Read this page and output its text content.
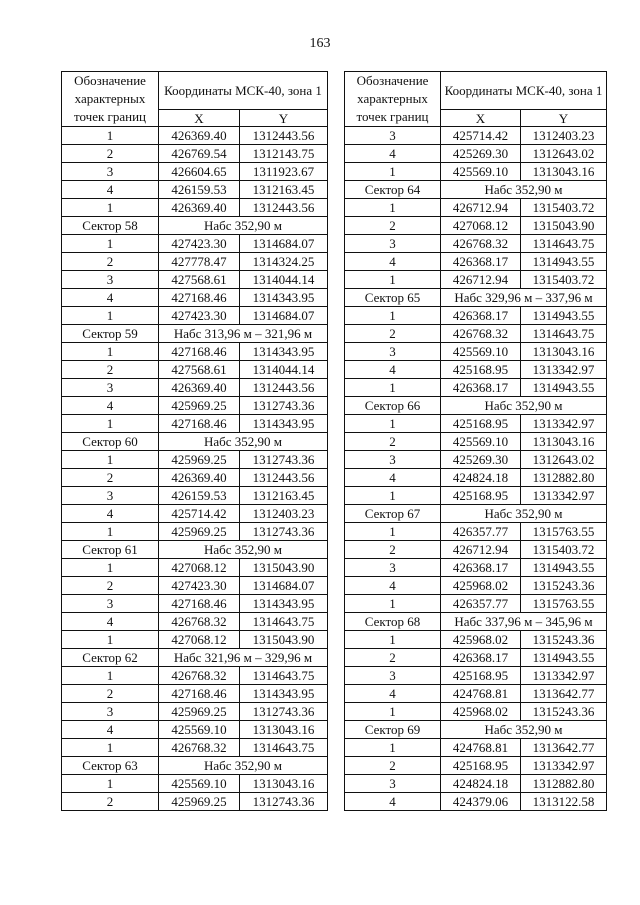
163
Обозначение характерных точек границ	Координаты МСК-40, зона 1	
	X	Y
1	426369.40	1312443.56
2	426769.54	1312143.75
3	426604.65	1311923.67
4	426159.53	1312163.45
1	426369.40	1312443.56
Сектор 58	Набс 352,90 м	
1	427423.30	1314684.07
2	427778.47	1314324.25
3	427568.61	1314044.14
4	427168.46	1314343.95
1	427423.30	1314684.07
Сектор 59	Набс 313,96 м – 321,96 м	
1	427168.46	1314343.95
2	427568.61	1314044.14
3	426369.40	1312443.56
4	425969.25	1312743.36
1	427168.46	1314343.95
Сектор 60	Набс 352,90 м	
1	425969.25	1312743.36
2	426369.40	1312443.56
3	426159.53	1312163.45
4	425714.42	1312403.23
1	425969.25	1312743.36
Сектор 61	Набс 352,90 м	
1	427068.12	1315043.90
2	427423.30	1314684.07
3	427168.46	1314343.95
4	426768.32	1314643.75
1	427068.12	1315043.90
Сектор 62	Набс 321,96 м – 329,96 м	
1	426768.32	1314643.75
2	427168.46	1314343.95
3	425969.25	1312743.36
4	425569.10	1313043.16
1	426768.32	1314643.75
Сектор 63	Набс 352,90 м	
1	425569.10	1313043.16
2	425969.25	1312743.36
Обозначение характерных точек границ	Координаты МСК-40, зона 1	
	X	Y
3	425714.42	1312403.23
4	425269.30	1312643.02
1	425569.10	1313043.16
Сектор 64	Набс 352,90 м	
1	426712.94	1315403.72
2	427068.12	1315043.90
3	426768.32	1314643.75
4	426368.17	1314943.55
1	426712.94	1315403.72
Сектор 65	Набс 329,96 м – 337,96 м	
1	426368.17	1314943.55
2	426768.32	1314643.75
3	425569.10	1313043.16
4	425168.95	1313342.97
1	426368.17	1314943.55
Сектор 66	Набс 352,90 м	
1	425168.95	1313342.97
2	425569.10	1313043.16
3	425269.30	1312643.02
4	424824.18	1312882.80
1	425168.95	1313342.97
Сектор 67	Набс 352,90 м	
1	426357.77	1315763.55
2	426712.94	1315403.72
3	426368.17	1314943.55
4	425968.02	1315243.36
1	426357.77	1315763.55
Сектор 68	Набс 337,96 м – 345,96 м	
1	425968.02	1315243.36
2	426368.17	1314943.55
3	425168.95	1313342.97
4	424768.81	1313642.77
1	425968.02	1315243.36
Сектор 69	Набс 352,90 м	
1	424768.81	1313642.77
2	425168.95	1313342.97
3	424824.18	1312882.80
4	424379.06	1313122.58
